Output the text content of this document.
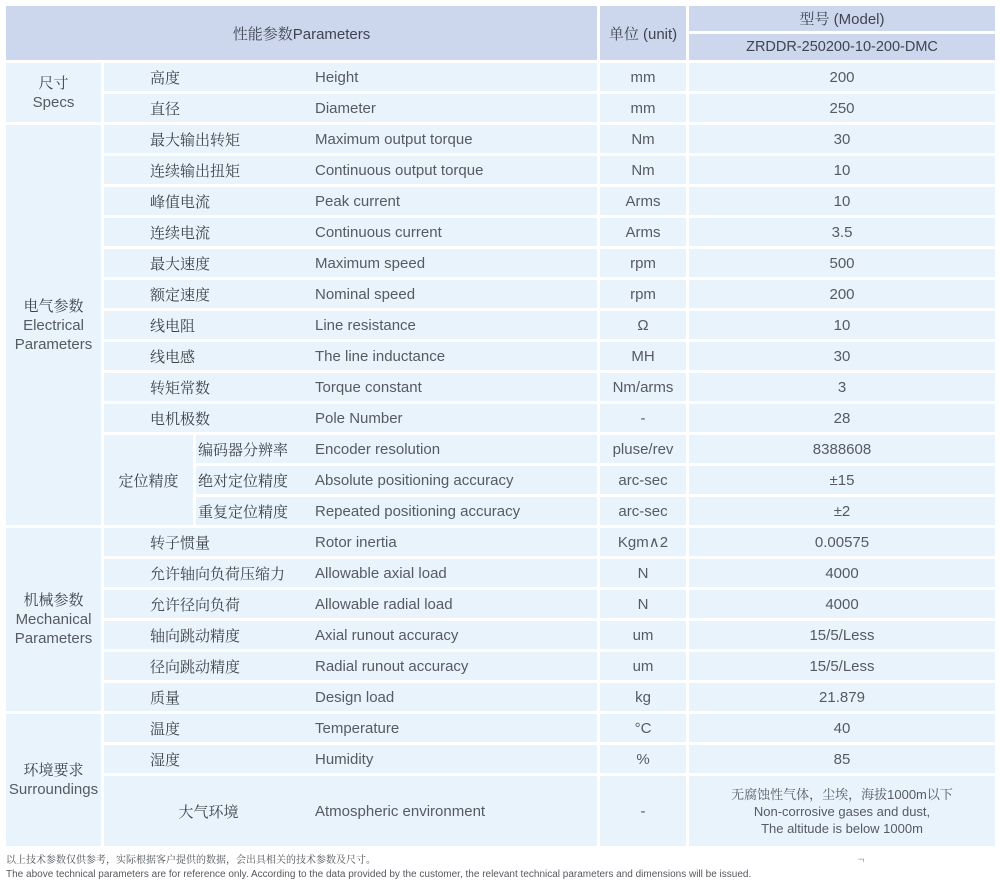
性能参数Parameters	单位 (unit)
型号 (Model)
ZRDDR-250200-10-200-DMC
尺寸
Specs
高度	Height	mm	200
直径	Diameter	mm	250
电气参数
Electrical Parameters
最大输出转矩	Maximum output torque	Nm	30
连续输出扭矩	Continuous output torque	Nm	10
峰值电流	Peak current	Arms	10
连续电流	Continuous current	Arms	3.5
最大速度	Maximum speed	rpm	500
额定速度	Nominal speed	rpm	200
线电阻	Line resistance	Ω	10
线电感	The line inductance	MH	30
转矩常数	Torque constant	Nm/arms	3
电机极数	Pole Number	-	28
定位精度
编码器分辨率	Encoder resolution	pluse/rev	8388608
绝对定位精度	Absolute positioning accuracy	arc-sec	±15
重复定位精度	Repeated positioning accuracy	arc-sec	±2
机械参数
Mechanical Parameters
转子惯量	Rotor inertia	Kgm∧2	0.00575
允许轴向负荷压缩力	Allowable axial load	N	4000
允许径向负荷	Allowable radial load	N	4000
轴向跳动精度	Axial runout accuracy	um	15/5/Less
径向跳动精度	Radial runout accuracy	um	15/5/Less
质量	Design load	kg	21.879
环境要求
Surroundings
温度	Temperature	°C	40
湿度	Humidity	%	85
大气环境	Atmospheric environment	-
无腐蚀性气体，尘埃，海拔1000m以下
Non-corrosive gases and dust,
The altitude is below 1000m
以上技术参数仅供参考，实际根据客户提供的数据，会出具相关的技术参数及尺寸。
The above technical parameters are for reference only. According to the data provided by the customer, the relevant technical parameters and dimensions will be issued.
¬
